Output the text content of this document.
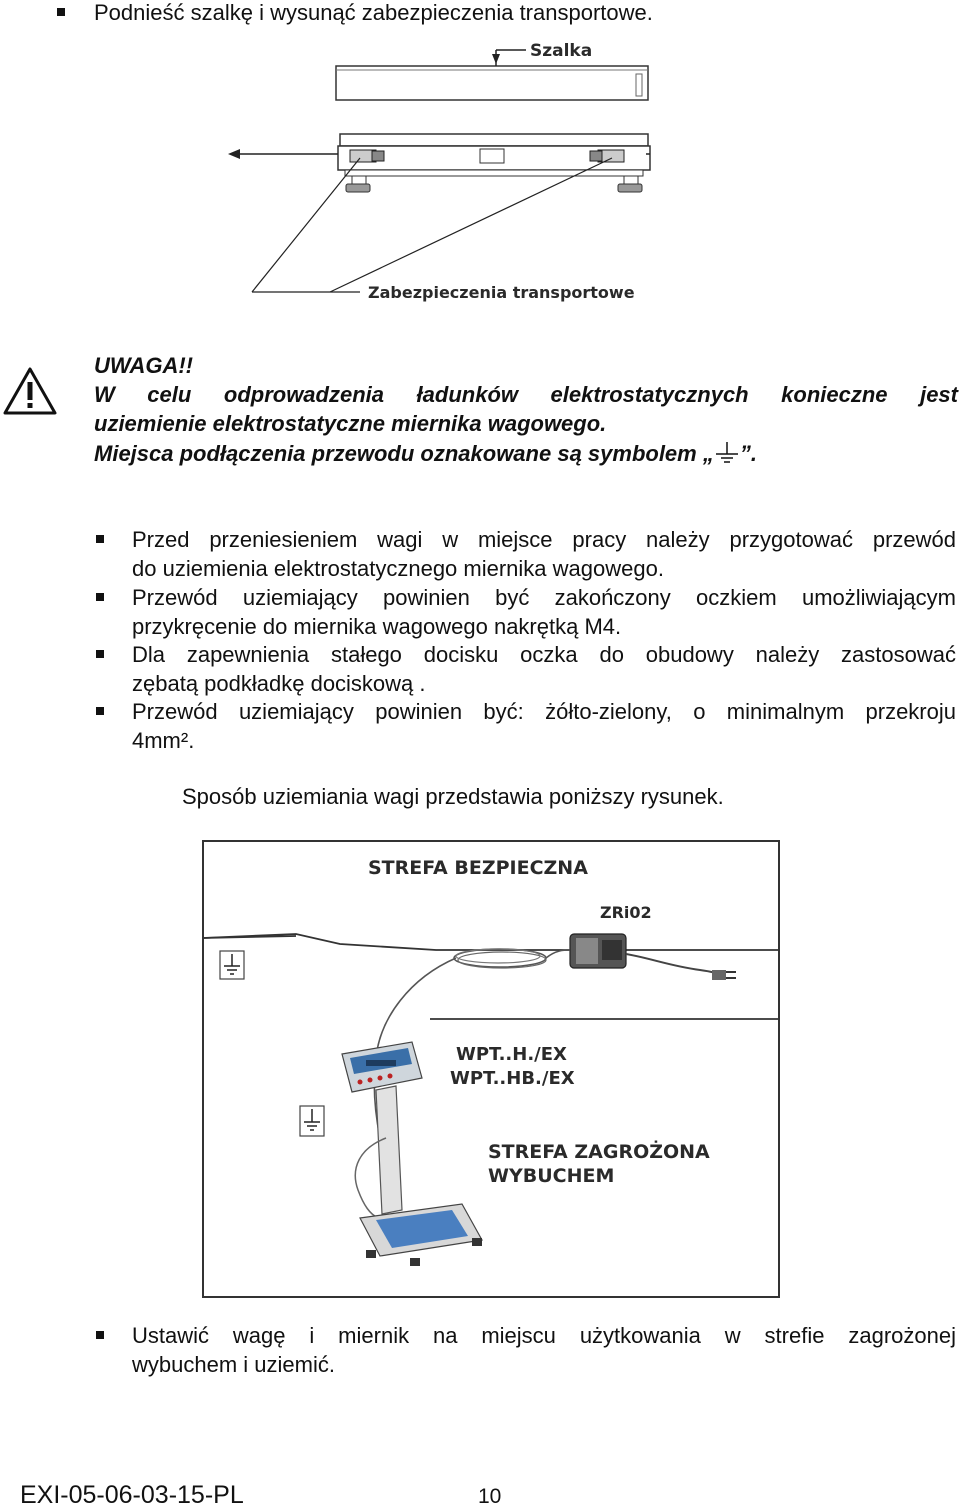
Podnieść szalkę i wysunąć zabezpieczenia transportowe.
Szalka
Zabezpieczenia transportowe
UWAGA!!
W celu odprowadzenia ładunków elektrostatycznych konieczne jest
uziemienie elektrostatyczne miernika wagowego.
Miejsca podłączenia przewodu oznakowane są symbolem „ ”.
Przed przeniesieniem wagi w miejsce pracy należy przygotować przewód
do uziemienia elektrostatycznego miernika wagowego.
Przewód uziemiający powinien być zakończony oczkiem umożliwiającym
przykręcenie do miernika wagowego nakrętką M4.
Dla zapewnienia stałego docisku oczka do obudowy należy zastosować
zębatą podkładkę dociskową .
Przewód uziemiający powinien być: żółto-zielony, o minimalnym przekroju
4mm².
Sposób uziemiania wagi przedstawia poniższy rysunek.
STREFA BEZPIECZNA
ZRi02
WPT..H./EX
WPT..HB./EX
STREFA ZAGROŻONA
WYBUCHEM
Ustawić wagę i miernik na miejscu użytkowania w strefie zagrożonej
wybuchem i uziemić.
EXI-05-06-03-15-PL	10
